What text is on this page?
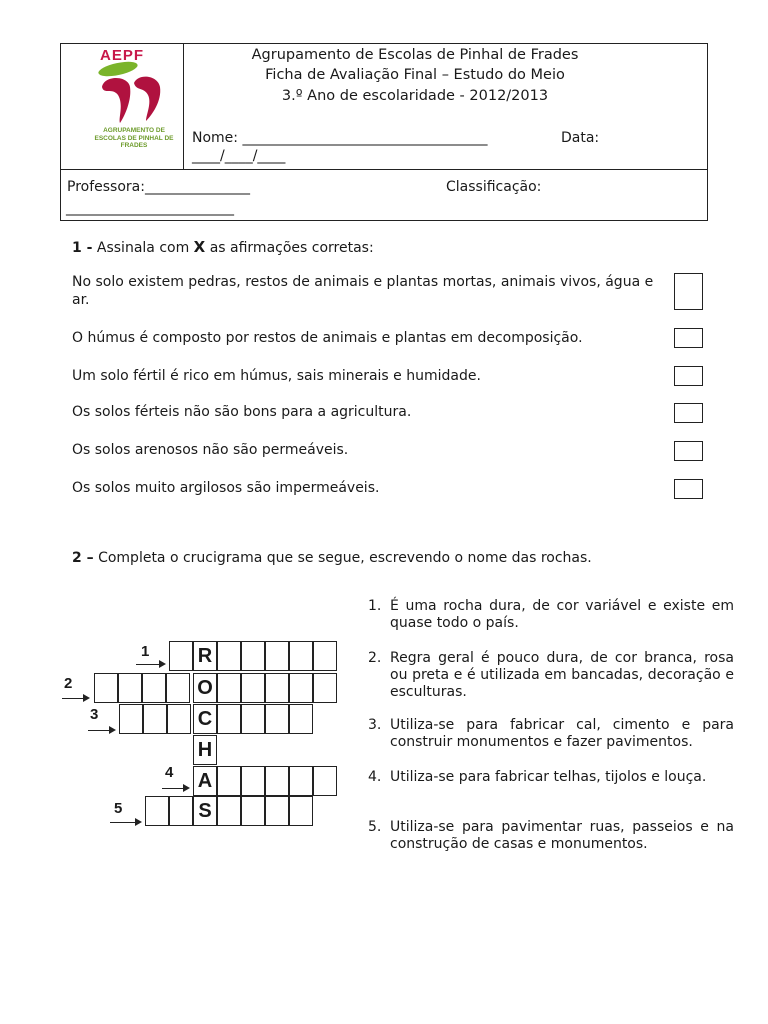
AEPF
AGRUPAMENTO DE ESCOLAS DE PINHAL DE FRADES
Agrupamento de Escolas de Pinhal de Frades
Ficha de Avaliação Final – Estudo do Meio
3.º Ano de escolaridade - 2012/2013
Nome: ___________________________________	Data:
____/____/____
Professora:_______________	Classificação:
________________________
1 - Assinala com X as afirmações corretas:
No solo existem pedras, restos de animais e plantas mortas, animais vivos, água e ar.
O húmus é composto por restos de animais e plantas em decomposição.
Um solo fértil é rico em húmus, sais minerais e humidade.
Os solos férteis não são bons para a agricultura.
Os solos arenosos não são permeáveis.
Os solos muito argilosos são impermeáveis.
2 – Completa o crucigrama que se segue, escrevendo o nome das rochas.
R
O
C
H
A
S
1
2
3
4
5
1. É uma rocha dura, de cor variável e existe em quase todo o país.
2. Regra geral é pouco dura, de cor branca, rosa ou preta e é utilizada em bancadas, decoração e esculturas.
3. Utiliza-se para fabricar cal, cimento e para construir monumentos e fazer pavimentos.
4. Utiliza-se para fabricar telhas, tijolos e louça.
5. Utiliza-se para pavimentar ruas, passeios e na construção de casas e monumentos.
